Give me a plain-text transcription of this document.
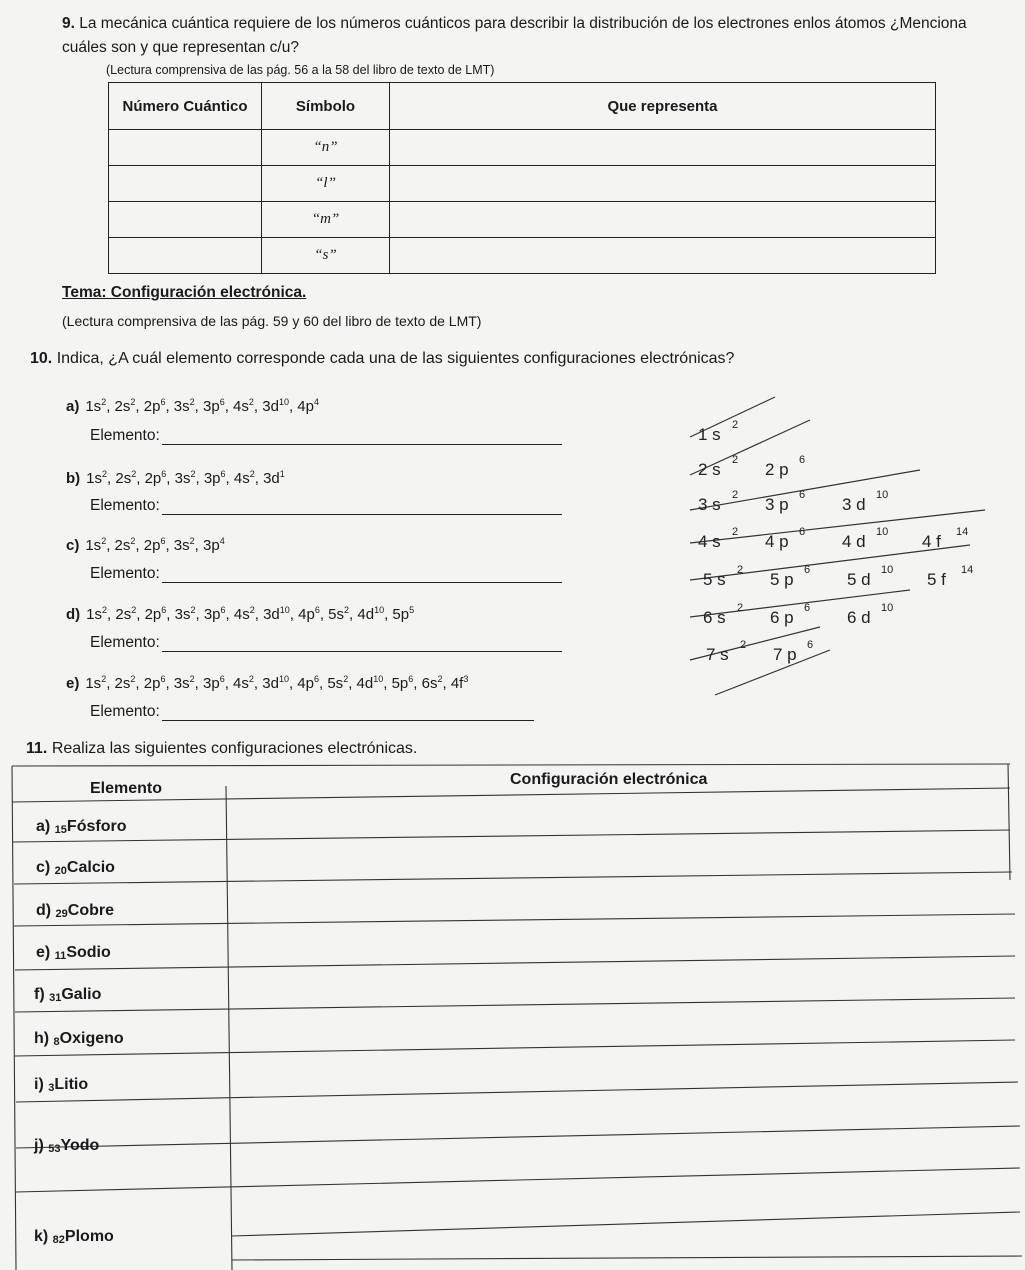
9. La mecánica cuántica requiere de los números cuánticos para describir la distribución de los electrones enlos átomos ¿Menciona cuáles son y que representan c/u?
(Lectura comprensiva de las pág. 56 a la 58 del libro de texto de LMT)
Número Cuántico	Símbolo	Que representa
	“n”	
	“l”	
	“m”	
	“s”	
Tema: Configuración electrónica.
(Lectura comprensiva de las pág. 59 y 60 del libro de texto de LMT)
10. Indica, ¿A cuál elemento corresponde cada una de las siguientes configuraciones electrónicas?
a) $1s^2$, $2s^2$, $2p^6$, $3s^2$, $3p^6$, $4s^2$, $3d^{10}$, $4p^4$
Elemento:
b) $1s^2$, $2s^2$, $2p^6$, $3s^2$, $3p^6$, $4s^2$, $3d^1$
Elemento:
c) $1s^2$, $2s^2$, $2p^6$, $3s^2$, $3p^4$
Elemento:
d) $1s^2$, $2s^2$, $2p^6$, $3s^2$, $3p^6$, $4s^2$, $3d^{10}$, $4p^6$, $5s^2$, $4d^{10}$, $5p^5$
Elemento:
e) $1s^2$, $2s^2$, $2p^6$, $3s^2$, $3p^6$, $4s^2$, $3d^{10}$, $4p^6$, $5s^2$, $4d^{10}$, $5p^6$, $6s^2$, $4f^3$
Elemento:
1 s 2
2 s 2 2 p 6
3 s 2 3 p 6 3 d 10
4 s 2 4 p 6 4 d 10 4 f 14
5 s 2 5 p 6 5 d 10 5 f 14
6 s 2 6 p 6 6 d 10
7 s 2 7 p 6
11. Realiza las siguientes configuraciones electrónicas.
Elemento
Configuración electrónica
a) 15Fósforo
c) 20Calcio
d) 29Cobre
e) 11Sodio
f) 31Galio
h) 8Oxigeno
i) 3Litio
j) 53Yodo
k) 82Plomo
